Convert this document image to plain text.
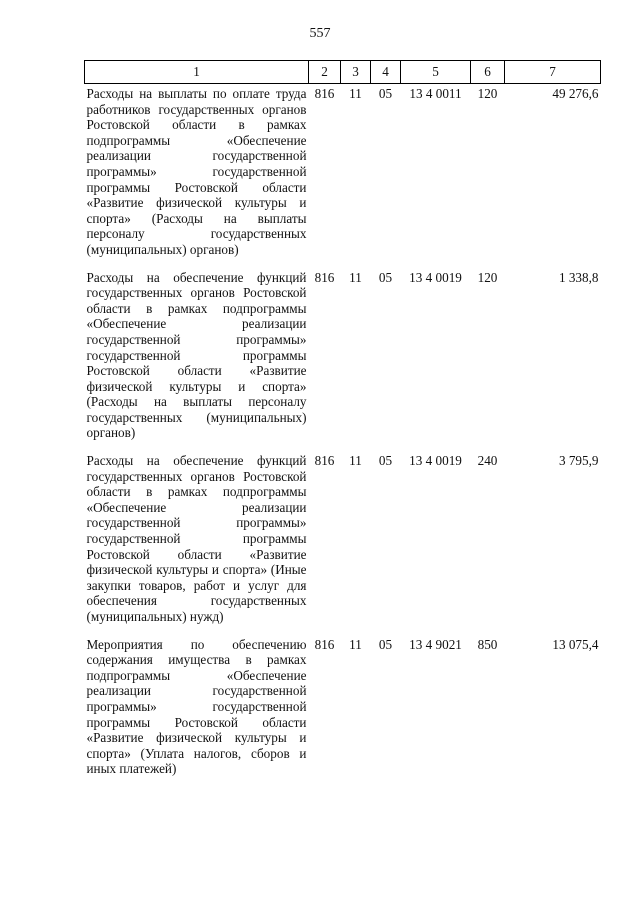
557
1	2	3	4	5	6	7
Расходы на выплаты по оплате труда работников государственных органов Ростовской области в рамках подпрограммы «Обеспечение реализации государственной программы» государственной программы Ростовской области «Развитие физической культуры и спорта» (Расходы на выплаты персоналу государственных (муниципальных) органов)	816	11	05	13 4 0011	120	49 276,6
Расходы на обеспечение функций государственных органов Ростовской области в рамках подпрограммы «Обеспечение реализации государственной программы» государственной программы Ростовской области «Развитие физической культуры и спорта» (Расходы на выплаты персоналу государственных (муниципальных) органов)	816	11	05	13 4 0019	120	1 338,8
Расходы на обеспечение функций государственных органов Ростовской области в рамках подпрограммы «Обеспечение реализации государственной программы» государственной программы Ростовской области «Развитие физической культуры и спорта» (Иные закупки товаров, работ и услуг для обеспечения государственных (муниципальных) нужд)	816	11	05	13 4 0019	240	3 795,9
Мероприятия по обеспечению содержания имущества в рамках подпрограммы «Обеспечение реализации государственной программы» государственной программы Ростовской области «Развитие физической культуры и спорта» (Уплата налогов, сборов и иных платежей)	816	11	05	13 4 9021	850	13 075,4
